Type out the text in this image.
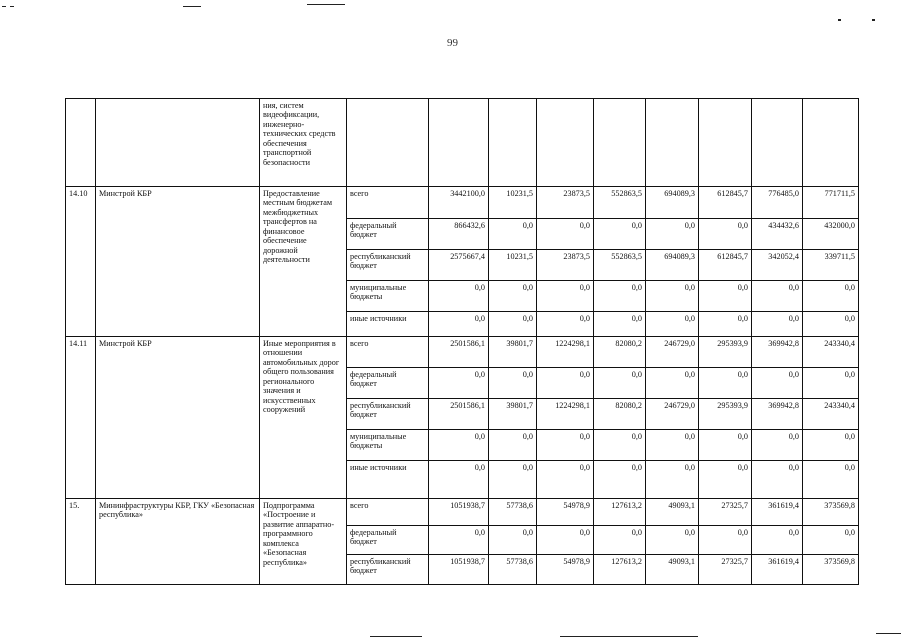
99
		ния, систем видеофиксации, инженерно-технических средств обеспечения транспортной безопасности									
14.10	Минстрой КБР	Предоставление местным бюджетам межбюджетных трансфертов на финансовое обеспечение дорожной деятельности	всего	3442100,0	10231,5	23873,5	552863,5	694089,3	612845,7	776485,0	771711,5
			федеральный бюджет	866432,6	0,0	0,0	0,0	0,0	0,0	434432,6	432000,0
			республиканский бюджет	2575667,4	10231,5	23873,5	552863,5	694089,3	612845,7	342052,4	339711,5
			муниципальные бюджеты	0,0	0,0	0,0	0,0	0,0	0,0	0,0	0,0
			иные источники	0,0	0,0	0,0	0,0	0,0	0,0	0,0	0,0
14.11	Минстрой КБР	Иные мероприятия в отношении автомобильных дорог общего пользования регионального значения и искусственных сооружений	всего	2501586,1	39801,7	1224298,1	82080,2	246729,0	295393,9	369942,8	243340,4
			федеральный бюджет	0,0	0,0	0,0	0,0	0,0	0,0	0,0	0,0
			республиканский бюджет	2501586,1	39801,7	1224298,1	82080,2	246729,0	295393,9	369942,8	243340,4
			муниципальные бюджеты	0,0	0,0	0,0	0,0	0,0	0,0	0,0	0,0
			иные источники	0,0	0,0	0,0	0,0	0,0	0,0	0,0	0,0
15.	Мининфраструктуры КБР, ГКУ «Безопасная республика»	Подпрограмма «Построение и развитие аппаратно-программного комплекса «Безопасная республика»	всего	1051938,7	57738,6	54978,9	127613,2	49093,1	27325,7	361619,4	373569,8
			федеральный бюджет	0,0	0,0	0,0	0,0	0,0	0,0	0,0	0,0
			республиканский бюджет	1051938,7	57738,6	54978,9	127613,2	49093,1	27325,7	361619,4	373569,8
